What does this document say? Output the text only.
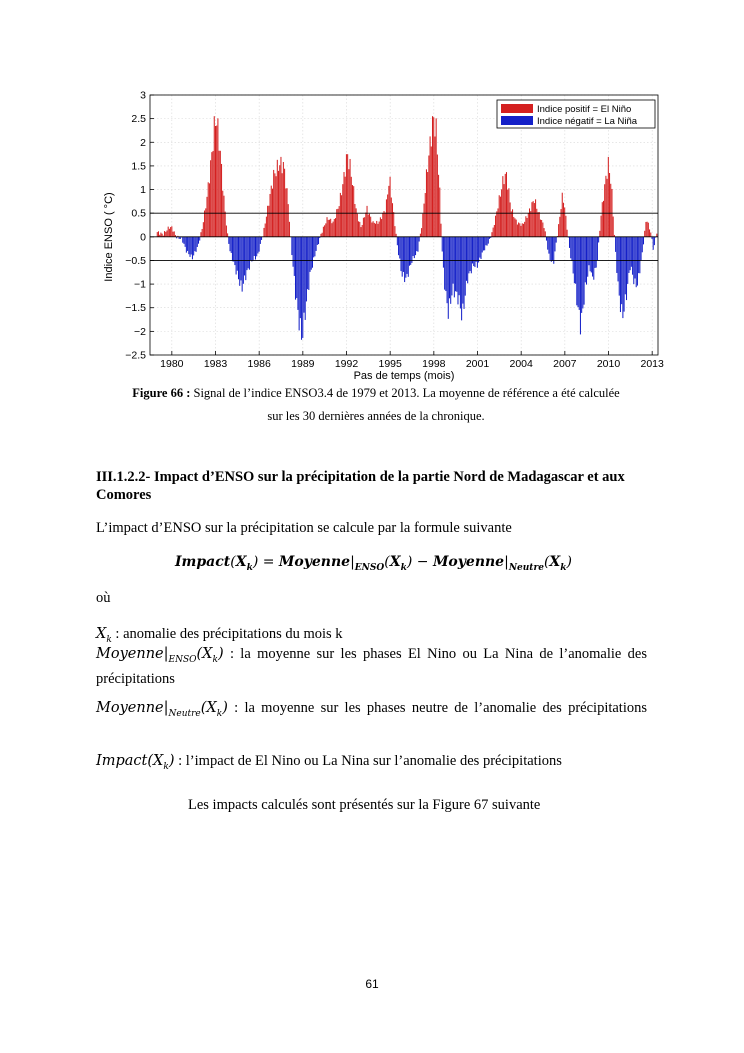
3
2.5
2
1.5
1
0.5
0
−0.5
−1
−1.5
−2
−2.5
1980 1983 1986 1989 1992 1995 1998 2001 2004 2007 2010 2013
Indice ENSO ( °C)
Pas de temps (mois)
Indice positif = El Niño
Indice négatif = La Niña
Figure 66 : Signal de l’indice ENSO3.4 de 1979 et 2013. La moyenne de référence a été calculée
sur les 30 dernières années de la chronique.
III.1.2.2- Impact d’ENSO sur la précipitation de la partie Nord de Madagascar et aux
Comores
L’impact d’ENSO sur la précipitation se calcule par la formule suivante
$Impact(X_k)$ = $Moyenne|_{ENSO}(X_k)$ − $Moyenne|_{Neutre}(X_k)$
où
$X_k$ : anomalie des précipitations du mois k
$Moyenne|_{ENSO}(X_k)$ : la moyenne sur les phases El Nino ou La Nina de l’anomalie des
précipitations
$Moyenne|_{Neutre}(X_k)$ : la moyenne sur les phases neutre de l’anomalie des précipitations
$Impact(X_k)$ : l’impact de El Nino ou La Nina sur l’anomalie des précipitations
Les impacts calculés sont présentés sur la Figure 67 suivante
61
